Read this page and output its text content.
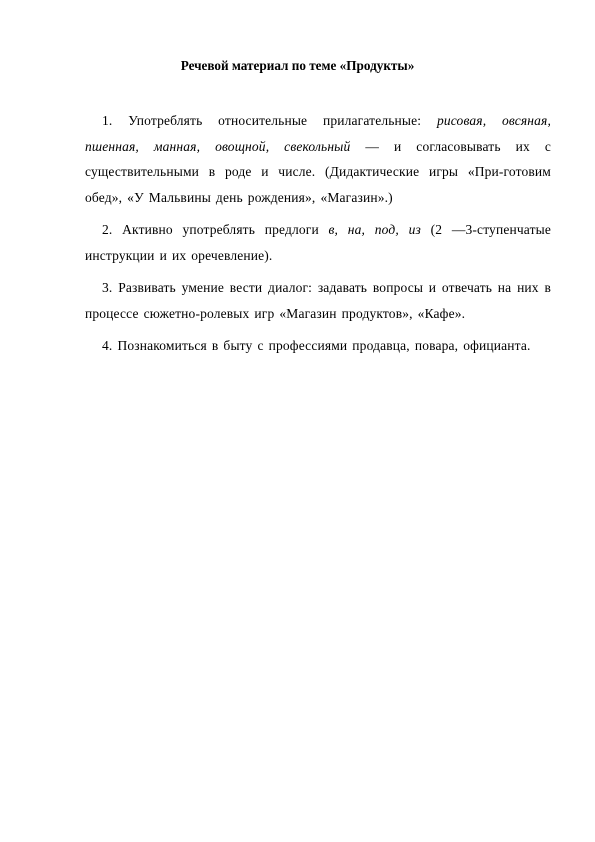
Речевой материал по теме «Продукты»

1. Употреблять относительные прилагательные: рисовая, овсяная, пшенная, манная, овощной, свекольный — и согласовывать их с существительными в роде и числе. (Дидактические игры «При-готовим обед», «У Мальвины день рождения», «Магазин».)

2. Активно употреблять предлоги в, на, под, из (2 —3-ступенчатые инструкции и их оречевление).

3. Развивать умение вести диалог: задавать вопросы и отвечать на них в процессе сюжетно-ролевых игр «Магазин продуктов», «Кафе».

4. Познакомиться в быту с профессиями продавца, повара, официанта.
